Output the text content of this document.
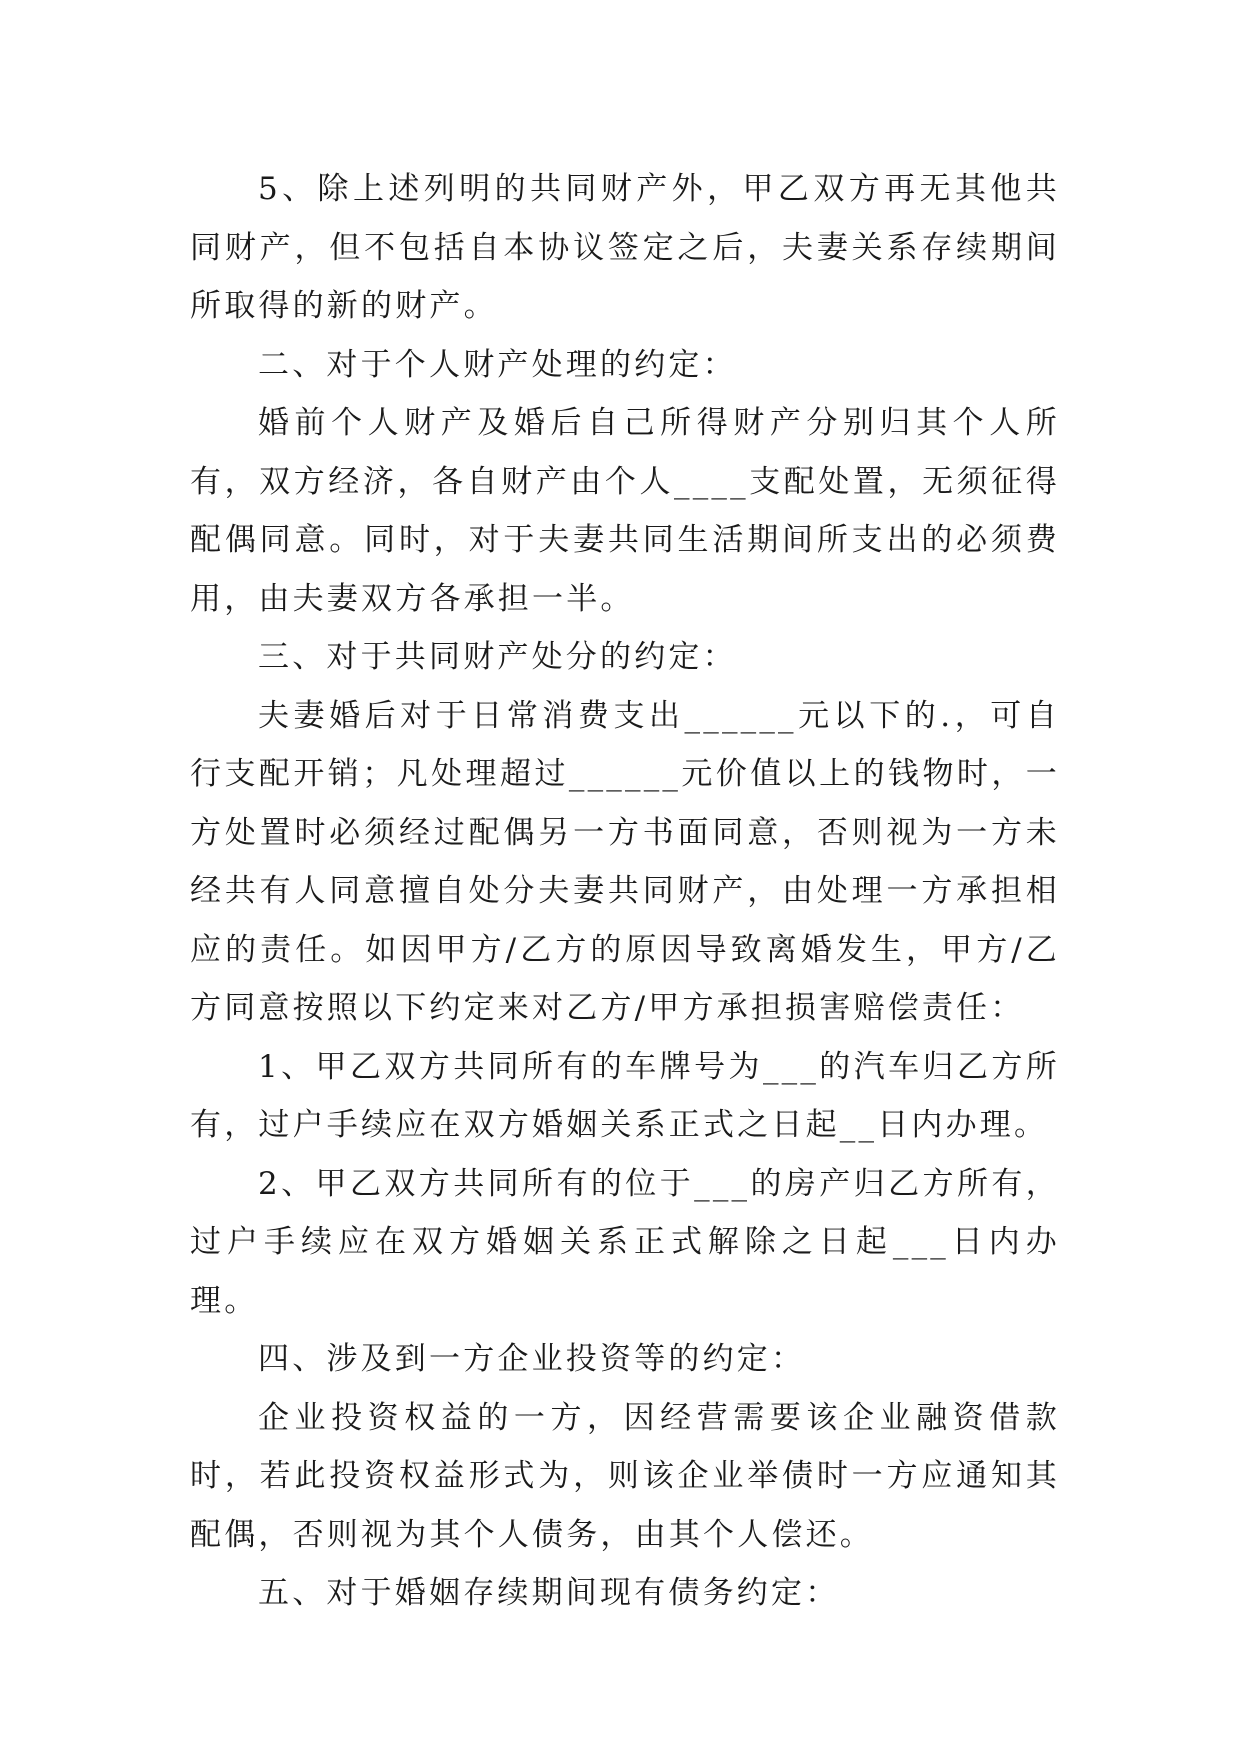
5、除上述列明的共同财产外，甲乙双方再无其他共同财产，但不包括自本协议签定之后，夫妻关系存续期间所取得的新的财产。

二、对于个人财产处理的约定：

婚前个人财产及婚后自己所得财产分别归其个人所有，双方经济，各自财产由个人____支配处置，无须征得配偶同意。同时，对于夫妻共同生活期间所支出的必须费用，由夫妻双方各承担一半。

三、对于共同财产处分的约定：

夫妻婚后对于日常消费支出______元以下的.，可自行支配开销；凡处理超过______元价值以上的钱物时，一方处置时必须经过配偶另一方书面同意，否则视为一方未经共有人同意擅自处分夫妻共同财产，由处理一方承担相应的责任。如因甲方/乙方的原因导致离婚发生，甲方/乙方同意按照以下约定来对乙方/甲方承担损害赔偿责任：

1、甲乙双方共同所有的车牌号为___的汽车归乙方所有，过户手续应在双方婚姻关系正式之日起__日内办理。

2、甲乙双方共同所有的位于___的房产归乙方所有，过户手续应在双方婚姻关系正式解除之日起___日内办理。

四、涉及到一方企业投资等的约定：

企业投资权益的一方，因经营需要该企业融资借款时，若此投资权益形式为，则该企业举债时一方应通知其配偶，否则视为其个人债务，由其个人偿还。

五、对于婚姻存续期间现有债务约定：
